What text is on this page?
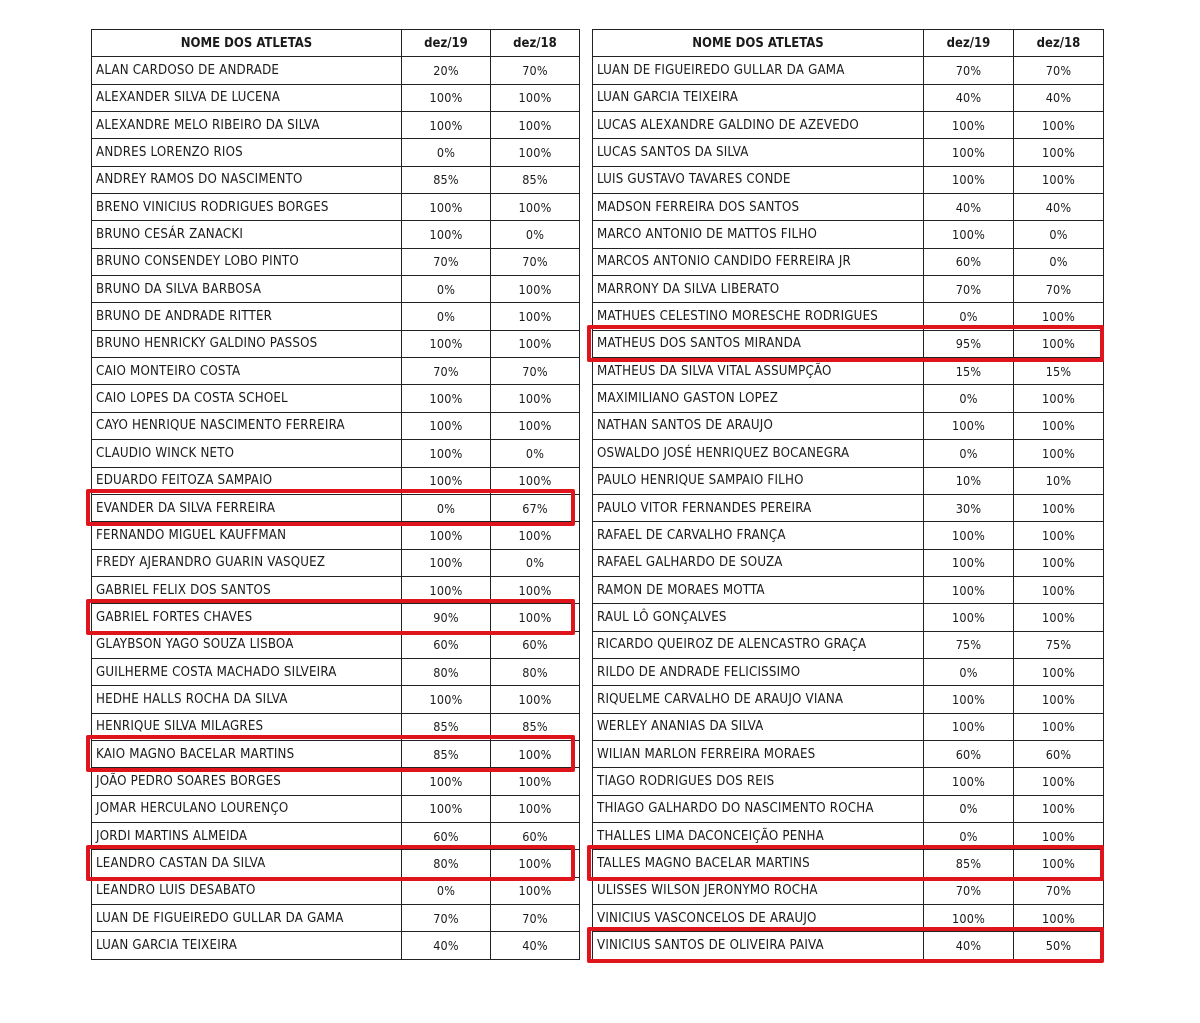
NOME DOS ATLETAS	dez/19	dez/18
ALAN CARDOSO DE ANDRADE	20%	70%
ALEXANDER SILVA DE LUCENA	100%	100%
ALEXANDRE MELO RIBEIRO DA SILVA	100%	100%
ANDRES LORENZO RIOS	0%	100%
ANDREY RAMOS DO NASCIMENTO	85%	85%
BRENO VINICIUS RODRIGUES BORGES	100%	100%
BRUNO CESÁR ZANACKI	100%	0%
BRUNO CONSENDEY LOBO PINTO	70%	70%
BRUNO DA SILVA BARBOSA	0%	100%
BRUNO DE ANDRADE RITTER	0%	100%
BRUNO HENRICKY GALDINO PASSOS	100%	100%
CAIO MONTEIRO COSTA	70%	70%
CAIO LOPES DA COSTA SCHOEL	100%	100%
CAYO HENRIQUE NASCIMENTO FERREIRA	100%	100%
CLAUDIO WINCK NETO	100%	0%
EDUARDO FEITOZA SAMPAIO	100%	100%
EVANDER DA SILVA FERREIRA	0%	67%
FERNANDO MIGUEL KAUFFMAN	100%	100%
FREDY AJERANDRO GUARIN VASQUEZ	100%	0%
GABRIEL FELIX DOS SANTOS	100%	100%
GABRIEL FORTES CHAVES	90%	100%
GLAYBSON YAGO SOUZA LISBOA	60%	60%
GUILHERME COSTA MACHADO SILVEIRA	80%	80%
HEDHE HALLS ROCHA DA SILVA	100%	100%
HENRIQUE SILVA MILAGRES	85%	85%
KAIO MAGNO BACELAR MARTINS	85%	100%
JOÃO PEDRO SOARES BORGES	100%	100%
JOMAR HERCULANO LOURENÇO	100%	100%
JORDI MARTINS ALMEIDA	60%	60%
LEANDRO CASTAN DA SILVA	80%	100%
LEANDRO LUIS DESABATO	0%	100%
LUAN DE FIGUEIREDO GULLAR DA GAMA	70%	70%
LUAN GARCIA TEIXEIRA	40%	40%
NOME DOS ATLETAS	dez/19	dez/18
LUAN DE FIGUEIREDO GULLAR DA GAMA	70%	70%
LUAN GARCIA TEIXEIRA	40%	40%
LUCAS ALEXANDRE GALDINO DE AZEVEDO	100%	100%
LUCAS SANTOS DA SILVA	100%	100%
LUIS GUSTAVO TAVARES CONDE	100%	100%
MADSON FERREIRA DOS SANTOS	40%	40%
MARCO ANTONIO DE MATTOS FILHO	100%	0%
MARCOS ANTONIO CANDIDO FERREIRA JR	60%	0%
MARRONY DA SILVA LIBERATO	70%	70%
MATHUES CELESTINO MORESCHE RODRIGUES	0%	100%
MATHEUS DOS SANTOS MIRANDA	95%	100%
MATHEUS DA SILVA VITAL ASSUMPÇÃO	15%	15%
MAXIMILIANO GASTON LOPEZ	0%	100%
NATHAN SANTOS DE ARAUJO	100%	100%
OSWALDO JOSÉ HENRIQUEZ BOCANEGRA	0%	100%
PAULO HENRIQUE SAMPAIO FILHO	10%	10%
PAULO VITOR FERNANDES PEREIRA	30%	100%
RAFAEL DE CARVALHO FRANÇA	100%	100%
RAFAEL GALHARDO DE SOUZA	100%	100%
RAMON DE MORAES MOTTA	100%	100%
RAUL LÔ GONÇALVES	100%	100%
RICARDO QUEIROZ DE ALENCASTRO GRAÇA	75%	75%
RILDO DE ANDRADE FELICISSIMO	0%	100%
RIQUELME CARVALHO DE ARAUJO VIANA	100%	100%
WERLEY ANANIAS DA SILVA	100%	100%
WILIAN MARLON FERREIRA MORAES	60%	60%
TIAGO RODRIGUES DOS REIS	100%	100%
THIAGO GALHARDO DO NASCIMENTO ROCHA	0%	100%
THALLES LIMA DACONCEIÇÃO PENHA	0%	100%
TALLES MAGNO BACELAR MARTINS	85%	100%
ULISSES WILSON JERONYMO ROCHA	70%	70%
VINICIUS VASCONCELOS DE ARAUJO	100%	100%
VINICIUS SANTOS DE OLIVEIRA PAIVA	40%	50%
